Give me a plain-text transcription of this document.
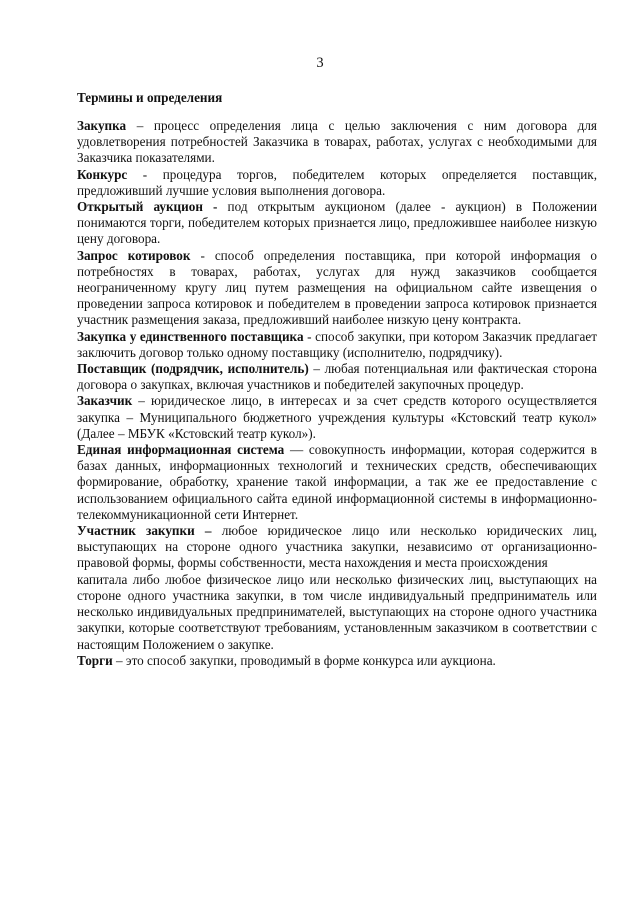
3
Термины и определения

Закупка – процесс определения лица с целью заключения с ним договора для удовлетворения потребностей Заказчика в товарах, работах, услугах с необходимыми для Заказчика показателями.

Конкурс - процедура торгов, победителем которых определяется поставщик, предложивший лучшие условия выполнения договора.

Открытый аукцион - под открытым аукционом (далее - аукцион) в Положении понимаются торги, победителем которых признается лицо, предложившее наиболее низкую цену договора.

Запрос котировок - способ определения поставщика, при которой информация о потребностях в товарах, работах, услугах для нужд заказчиков сообщается неограниченному кругу лиц путем размещения на официальном сайте извещения о проведении запроса котировок и победителем в проведении запроса котировок признается участник размещения заказа, предложивший наиболее низкую цену контракта.

Закупка у единственного поставщика - способ закупки, при котором Заказчик предлагает заключить договор только одному поставщику (исполнителю, подрядчику).

Поставщик (подрядчик, исполнитель) – любая потенциальная или фактическая сторона договора о закупках, включая участников и победителей закупочных процедур.

Заказчик – юридическое лицо, в интересах и за счет средств которого осуществляется закупка – Муниципального бюджетного учреждения культуры «Кстовский театр кукол» (Далее – МБУК «Кстовский театр кукол»).

Единая информационная система — совокупность информации, которая содержится в базах данных, информационных технологий и технических средств, обеспечивающих формирование, обработку, хранение такой информации, а так же ее предоставление с использованием официального сайта единой информационной системы в информационно-телекоммуникационной сети Интернет.

Участник закупки – любое юридическое лицо или несколько юридических лиц, выступающих на стороне одного участника закупки, независимо от организационно-правовой формы, формы собственности, места нахождения и места происхождения

капитала либо любое физическое лицо или несколько физических лиц, выступающих на стороне одного участника закупки, в том числе индивидуальный предприниматель или несколько индивидуальных предпринимателей, выступающих на стороне одного участника закупки, которые соответствуют требованиям, установленным заказчиком в соответствии с настоящим Положением о закупке.

Торги – это способ закупки, проводимый в форме конкурса или аукциона.
